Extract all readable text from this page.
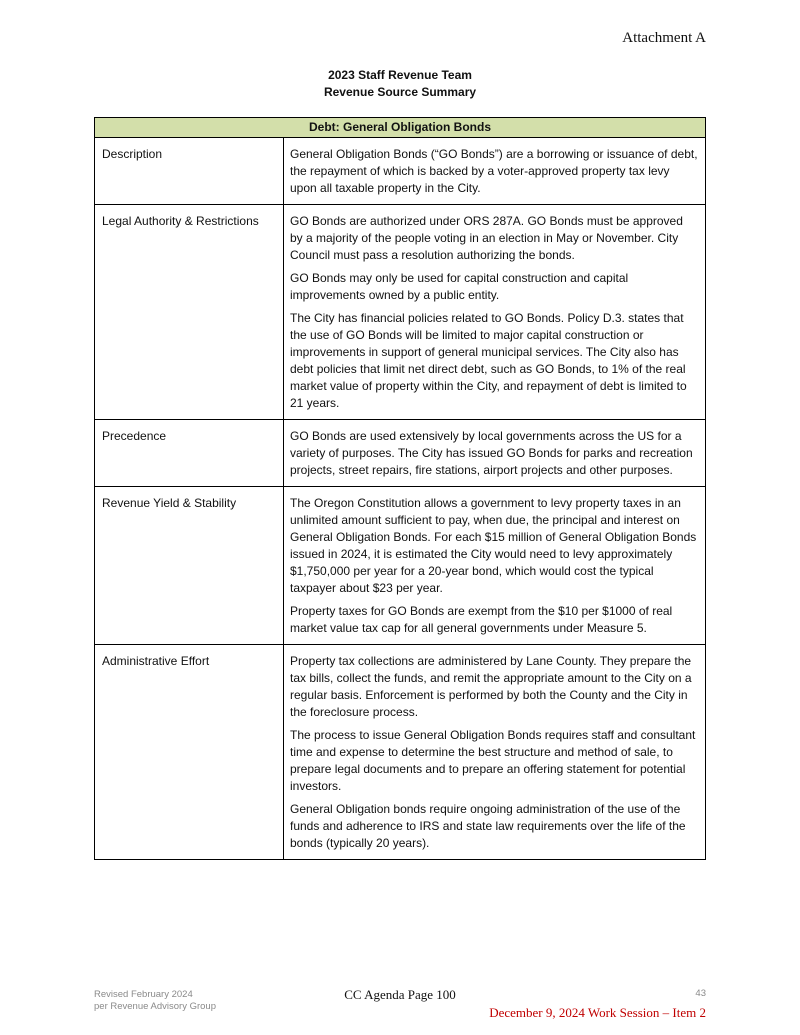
Attachment A
2023 Staff Revenue Team
Revenue Source Summary
Debt: General Obligation Bonds	
Description	General Obligation Bonds (“GO Bonds”) are a borrowing or issuance of debt, the repayment of which is backed by a voter-approved property tax levy upon all taxable property in the City.

Legal Authority & Restrictions	GO Bonds are authorized under ORS 287A. GO Bonds must be approved by a majority of the people voting in an election in May or November. City Council must pass a resolution authorizing the bonds.

GO Bonds may only be used for capital construction and capital improvements owned by a public entity.

The City has financial policies related to GO Bonds. Policy D.3. states that the use of GO Bonds will be limited to major capital construction or improvements in support of general municipal services. The City also has debt policies that limit net direct debt, such as GO Bonds, to 1% of the real market value of property within the City, and repayment of debt is limited to 21 years.

Precedence	GO Bonds are used extensively by local governments across the US for a variety of purposes. The City has issued GO Bonds for parks and recreation projects, street repairs, fire stations, airport projects and other purposes.

Revenue Yield & Stability	The Oregon Constitution allows a government to levy property taxes in an unlimited amount sufficient to pay, when due, the principal and interest on General Obligation Bonds. For each $15 million of General Obligation Bonds issued in 2024, it is estimated the City would need to levy approximately $1,750,000 per year for a 20-year bond, which would cost the typical taxpayer about $23 per year.

Property taxes for GO Bonds are exempt from the $10 per $1000 of real market value tax cap for all general governments under Measure 5.

Administrative Effort	Property tax collections are administered by Lane County. They prepare the tax bills, collect the funds, and remit the appropriate amount to the City on a regular basis. Enforcement is performed by both the County and the City in the foreclosure process.

The process to issue General Obligation Bonds requires staff and consultant time and expense to determine the best structure and method of sale, to prepare legal documents and to prepare an offering statement for potential investors.

General Obligation bonds require ongoing administration of the use of the funds and adherence to IRS and state law requirements over the life of the bonds (typically 20 years).

Revised February 2024
per Revenue Advisory Group
CC Agenda Page 100	43
December 9, 2024 Work Session – Item 2
